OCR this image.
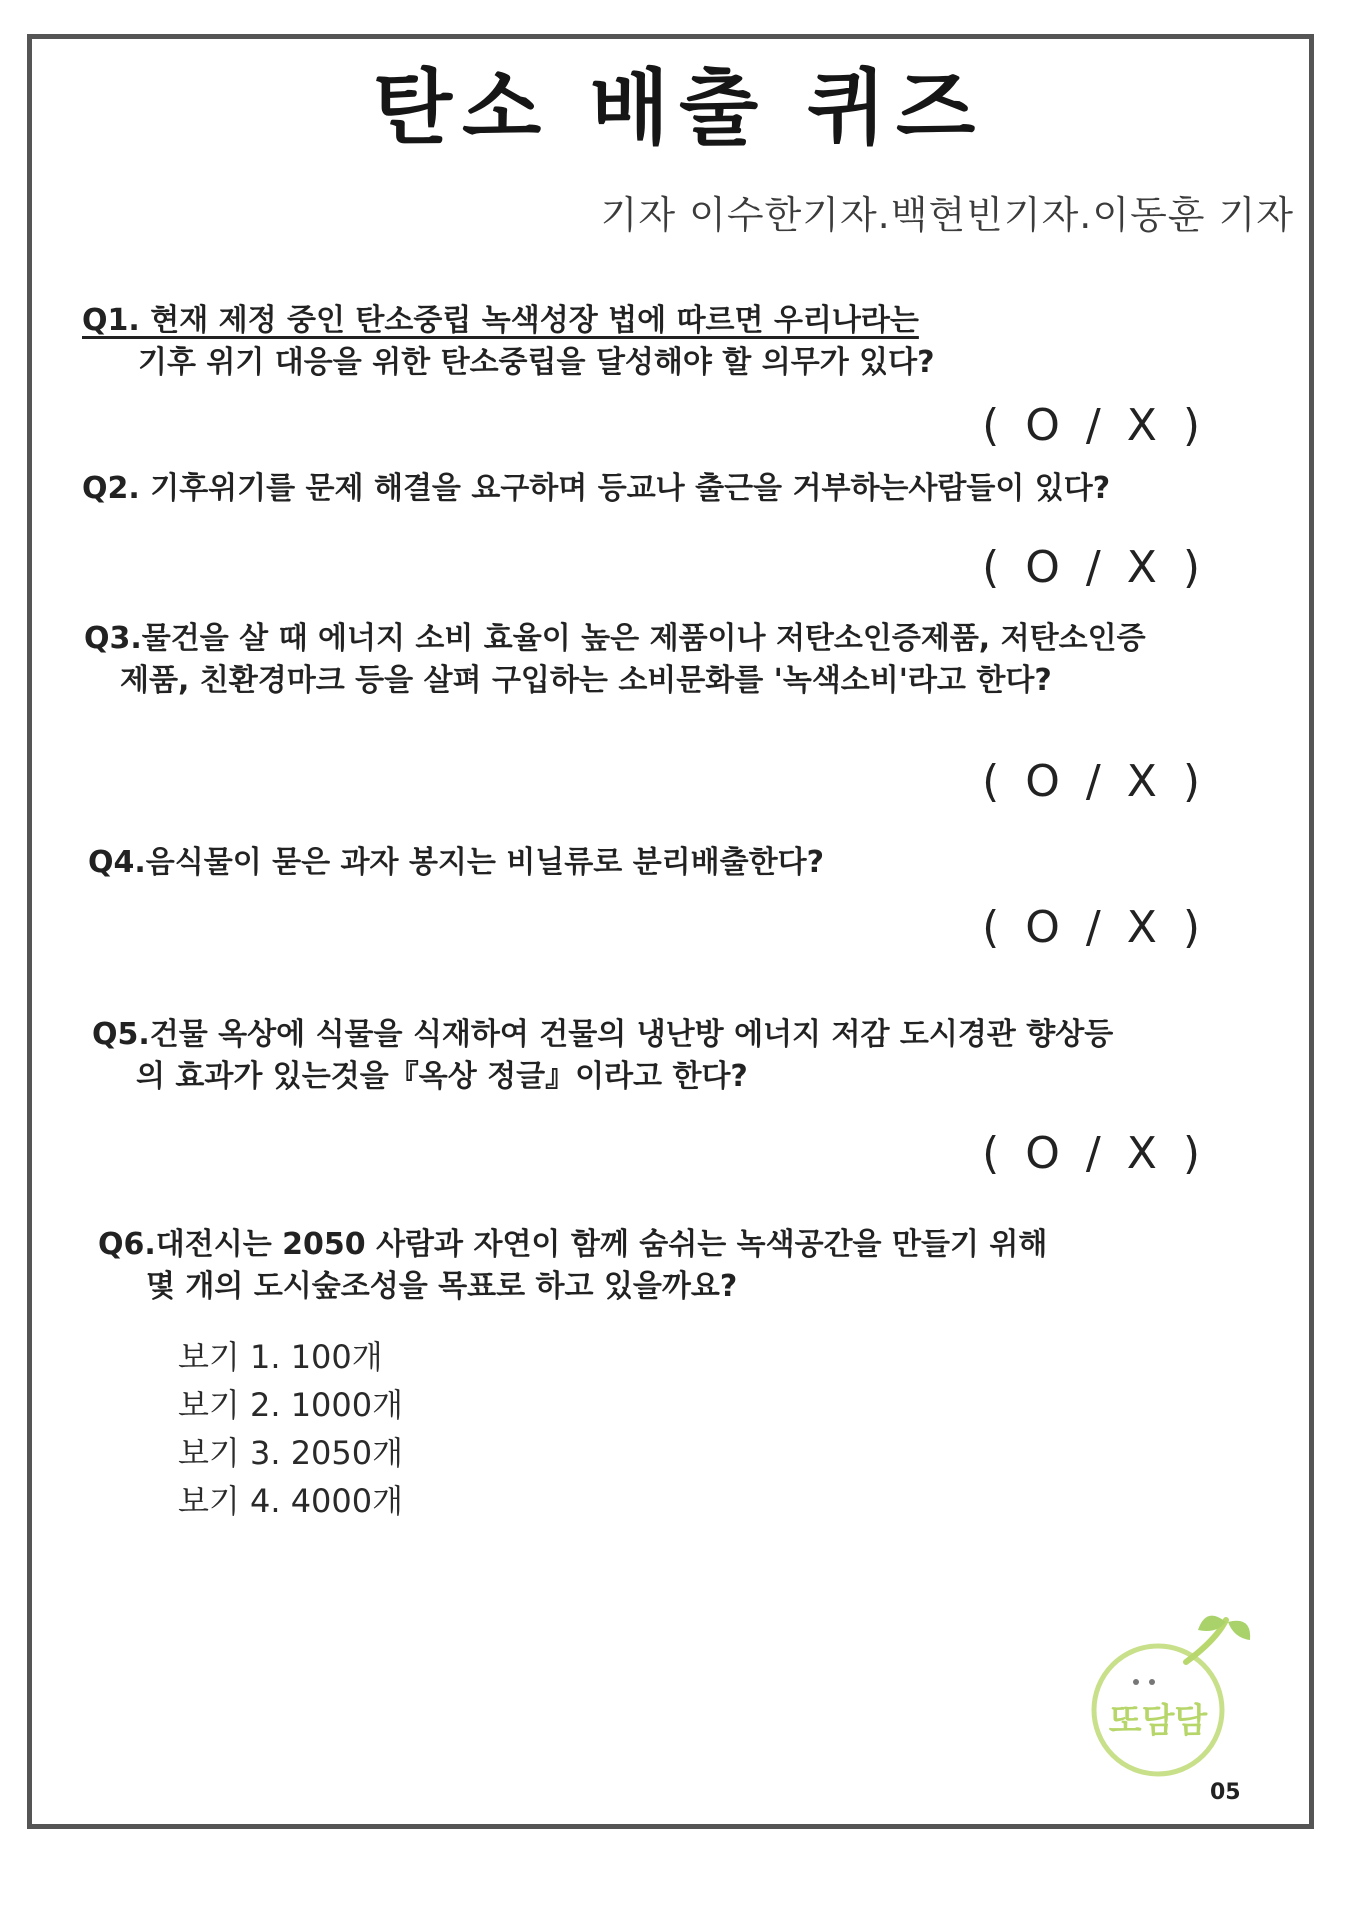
탄소 배출 퀴즈
기자 이수한기자.백현빈기자.이동훈 기자
Q1. 현재 제정 중인 탄소중립 녹색성장 법에 따르면 우리나라는
기후 위기 대응을 위한 탄소중립을 달성해야 할 의무가 있다?
( O / X )
Q2. 기후위기를 문제 해결을 요구하며 등교나 출근을 거부하는사람들이 있다?
( O / X )
Q3.물건을 살 때 에너지 소비 효율이 높은 제품이나 저탄소인증제품, 저탄소인증
제품, 친환경마크 등을 살펴 구입하는 소비문화를 '녹색소비'라고 한다?
( O / X )
Q4.음식물이 묻은 과자 봉지는 비닐류로 분리배출한다?
( O / X )
Q5.건물 옥상에 식물을 식재하여 건물의 냉난방 에너지 저감 도시경관 향상등
의 효과가 있는것을『옥상 정글』이라고 한다?
( O / X )
Q6.대전시는 2050 사람과 자연이 함께 숨쉬는 녹색공간을 만들기 위해
몇 개의 도시숲조성을 목표로 하고 있을까요?
보기 1. 100개
보기 2. 1000개
보기 3. 2050개
보기 4. 4000개
또담담
05
